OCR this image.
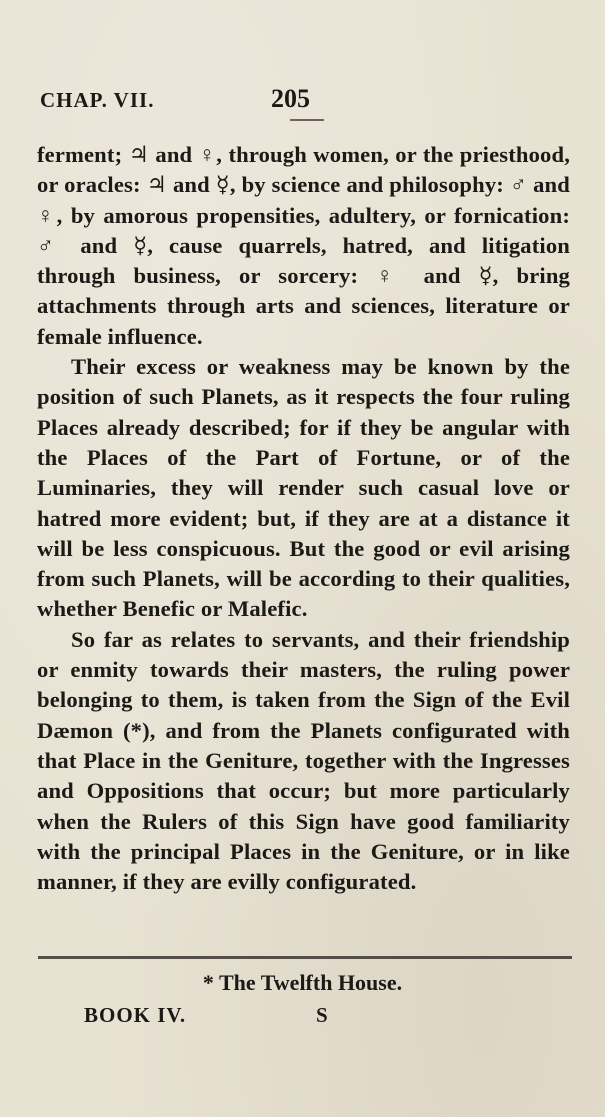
CHAP. VII.	205

ferment; ♃ and ♀, through women, or the priesthood, or oracles: ♃ and ☿, by science and philosophy: ♂ and ♀, by amorous propensities, adultery, or fornication: ♂ and ☿, cause quarrels, hatred, and litigation through business, or sorcery: ♀ and ☿, bring attachments through arts and sciences, literature or female influence.

Their excess or weakness may be known by the position of such Planets, as it respects the four ruling Places already described; for if they be angular with the Places of the Part of Fortune, or of the Luminaries, they will render such casual love or hatred more evident; but, if they are at a distance it will be less conspicuous. But the good or evil arising from such Planets, will be according to their qualities, whether Benefic or Malefic.

So far as relates to servants, and their friendship or enmity towards their masters, the ruling power belonging to them, is taken from the Sign of the Evil Dæmon (*), and from the Planets configurated with that Place in the Geniture, together with the Ingresses and Oppositions that occur; but more particularly when the Rulers of this Sign have good familiarity with the principal Places in the Geniture, or in like manner, if they are evilly configurated.

* The Twelfth House.
BOOK IV.	S
